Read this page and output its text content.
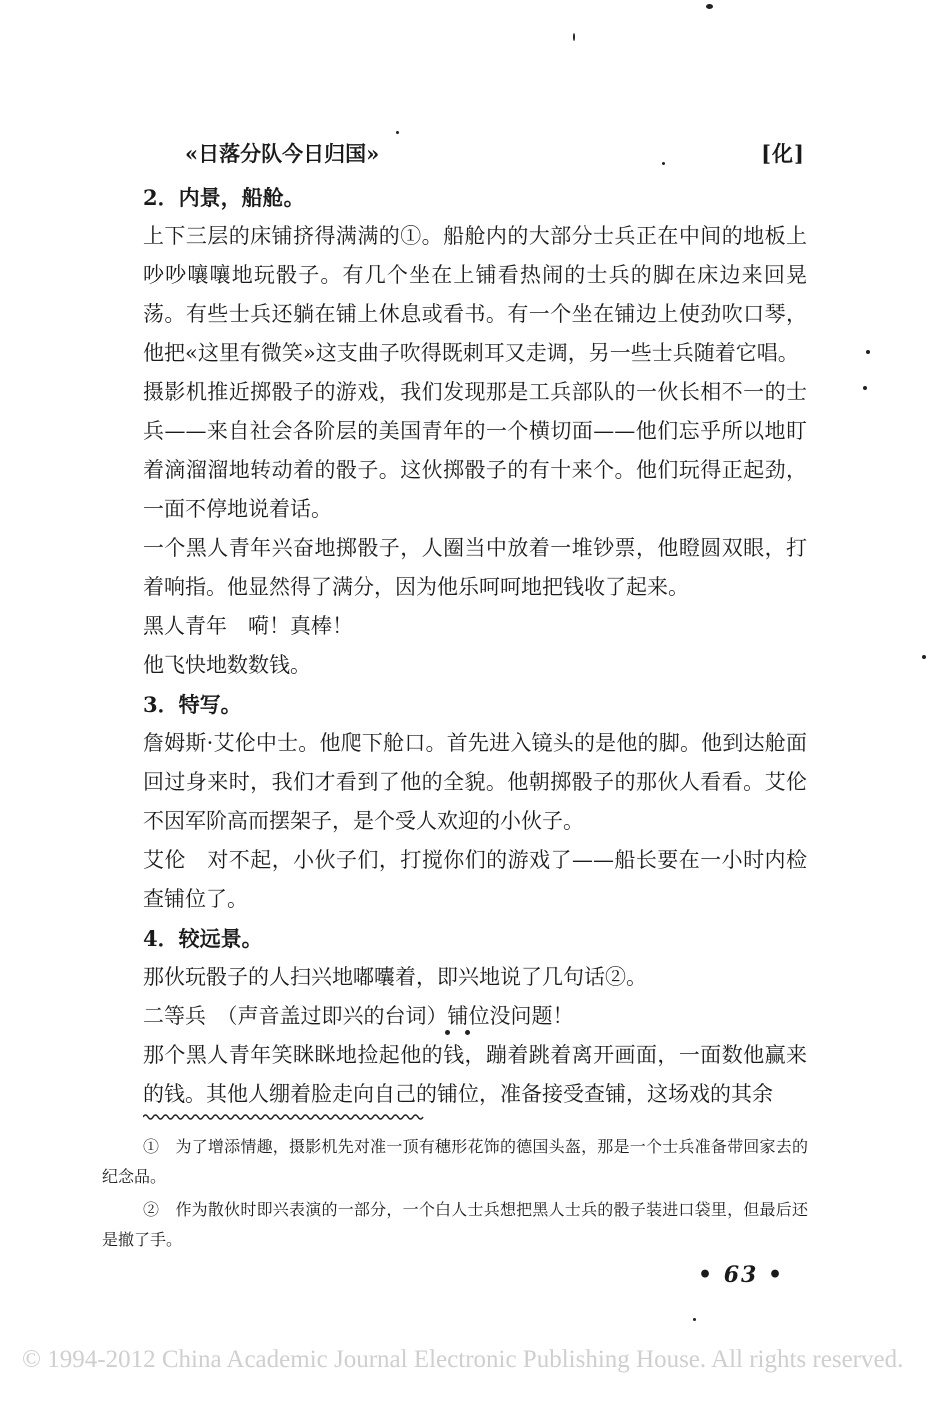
«日落分队今日归国»	[化]

2．内景，船舱。

上下三层的床铺挤得满满的①。船舱内的大部分士兵正在中间的地板上吵吵嚷嚷地玩骰子。有几个坐在上铺看热闹的士兵的脚在床边来回晃荡。有些士兵还躺在铺上休息或看书。有一个坐在铺边上使劲吹口琴，他把«这里有微笑»这支曲子吹得既刺耳又走调，另一些士兵随着它唱。

摄影机推近掷骰子的游戏，我们发现那是工兵部队的一伙长相不一的士兵——来自社会各阶层的美国青年的一个横切面——他们忘乎所以地盯着滴溜溜地转动着的骰子。这伙掷骰子的有十来个。他们玩得正起劲，一面不停地说着话。

一个黑人青年兴奋地掷骰子，人圈当中放着一堆钞票，他瞪圆双眼，打着响指。他显然得了满分，因为他乐呵呵地把钱收了起来。

黑人青年　嗬！真棒！

他飞快地数数钱。

3．特写。

詹姆斯·艾伦中士。他爬下舱口。首先进入镜头的是他的脚。他到达舱面回过身来时，我们才看到了他的全貌。他朝掷骰子的那伙人看看。艾伦不因军阶高而摆架子，是个受人欢迎的小伙子。

艾伦　对不起，小伙子们，打搅你们的游戏了——船长要在一小时内检查铺位了。

4．较远景。

那伙玩骰子的人扫兴地嘟囔着，即兴地说了几句话②。

二等兵　（声音盖过即兴的台词）铺位没问题！

那个黑人青年笑眯眯地捡起他的钱，蹦着跳着离开画面，一面数他赢来的钱。其他人绷着脸走向自己的铺位，准备接受查铺，这场戏的其余

①　为了增添情趣，摄影机先对准一顶有穗形花饰的德国头盔，那是一个士兵准备带回家去的纪念品。

②　作为散伙时即兴表演的一部分，一个白人士兵想把黑人士兵的骰子装进口袋里，但最后还是撤了手。

• 63 •
© 1994-2012 China Academic Journal Electronic Publishing House. All rights reserved.
